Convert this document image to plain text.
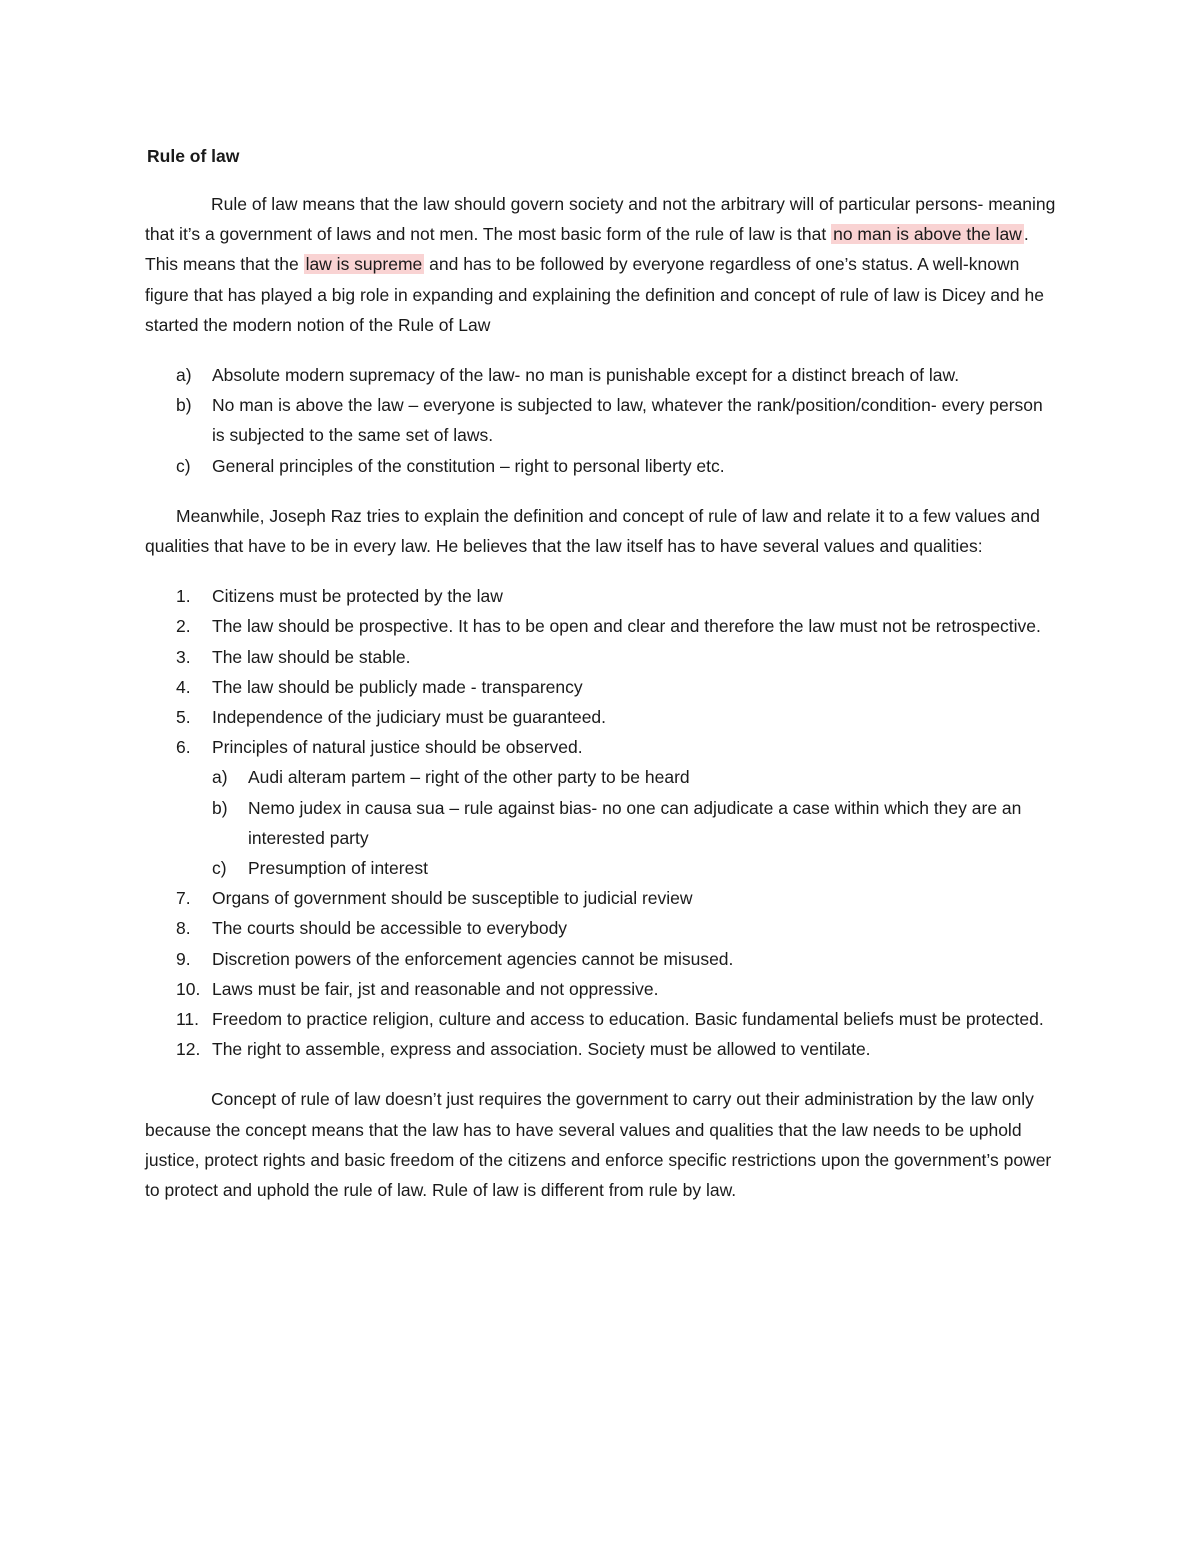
Rule of law

Rule of law means that the law should govern society and not the arbitrary will of particular persons- meaning that it’s a government of laws and not men. The most basic form of the rule of law is that no man is above the law . This means that the law is supreme and has to be followed by everyone regardless of one’s status. A well-known figure that has played a big role in expanding and explaining the definition and concept of rule of law is Dicey and he started the modern notion of the Rule of Law

a) Absolute modern supremacy of the law- no man is punishable except for a distinct breach of law.
b) No man is above the law – everyone is subjected to law, whatever the rank/position/condition- every person is subjected to the same set of laws.
c) General principles of the constitution – right to personal liberty etc.

Meanwhile, Joseph Raz tries to explain the definition and concept of rule of law and relate it to a few values and qualities that have to be in every law. He believes that the law itself has to have several values and qualities:

1. Citizens must be protected by the law
2. The law should be prospective. It has to be open and clear and therefore the law must not be retrospective.
3. The law should be stable.
4. The law should be publicly made - transparency
5. Independence of the judiciary must be guaranteed.
6. Principles of natural justice should be observed.
a) Audi alteram partem – right of the other party to be heard
b) Nemo judex in causa sua – rule against bias- no one can adjudicate a case within which they are an interested party
c) Presumption of interest
7. Organs of government should be susceptible to judicial review
8. The courts should be accessible to everybody
9. Discretion powers of the enforcement agencies cannot be misused.
10. Laws must be fair, jst and reasonable and not oppressive.
11. Freedom to practice religion, culture and access to education. Basic fundamental beliefs must be protected.
12. The right to assemble, express and association. Society must be allowed to ventilate.

Concept of rule of law doesn’t just requires the government to carry out their administration by the law only because the concept means that the law has to have several values and qualities that the law needs to be uphold justice, protect rights and basic freedom of the citizens and enforce specific restrictions upon the government’s power to protect and uphold the rule of law. Rule of law is different from rule by law.
